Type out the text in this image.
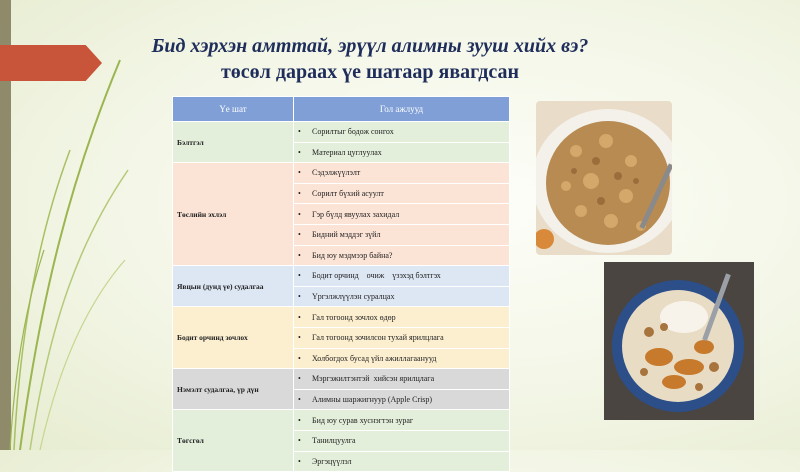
Бид хэрхэн амттай, эрүүл алимны зууш хийх вэ?
төсөл дараах үе шатаар явагдсан
Үе шат	Гол ажлууд
Бэлтгэл	• Сорилтыг бодож сонгох
	• Материал цуглуулах
Төслийн эхлэл	• Сэдэлжүүлэлт
	• Сорилт бүхий асуулт
	• Гэр бүлд явуулах захидал
	• Бидний мэддэг зүйл
	• Бид юу мэдмээр байна?
Явцын (дунд үе) судалгаа	• Бодит орчинд    очиж    үзэхэд бэлтгэх
	• Үргэлжлүүлэн суралцах
Бодит орчинд зочлох	• Гал тогоонд зочлох өдөр
	• Гал тогоонд зочилсон тухай ярилцлага
	• Холбогдох бусад үйл ажиллагаанууд
Нэмэлт судалгаа, үр дүн	• Мэргэжилтэнтэй  хийсэн ярилцлага
	• Алимны шаржигнуур (Apple Crisp)
Төгсгөл	• Бид юу сурав хуснэгтэн зураг
	• Танилцуулга
	• Эргэцүүлэл
